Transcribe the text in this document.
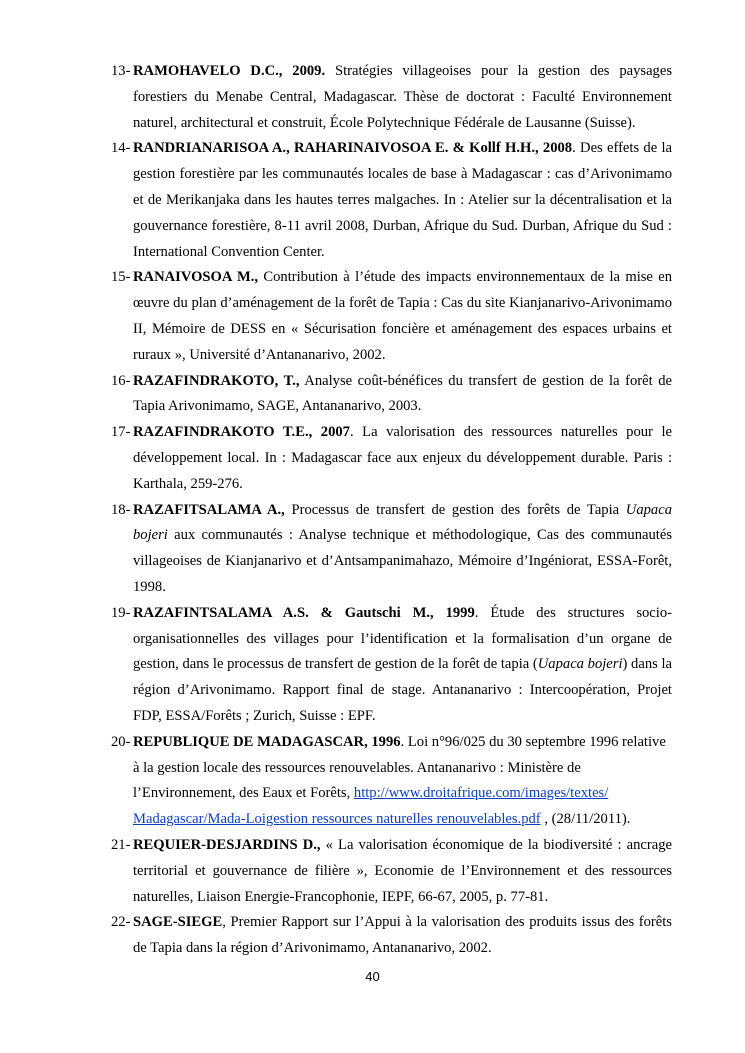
13- RAMOHAVELO D.C., 2009. Stratégies villageoises pour la gestion des paysages forestiers du Menabe Central, Madagascar. Thèse de doctorat : Faculté Environnement naturel, architectural et construit, École Polytechnique Fédérale de Lausanne (Suisse).
14- RANDRIANARISOA A., RAHARINAIVOSOA E. & Kollf H.H., 2008. Des effets de la gestion forestière par les communautés locales de base à Madagascar : cas d’Arivonimamo et de Merikanjaka dans les hautes terres malgaches. In : Atelier sur la décentralisation et la gouvernance forestière, 8-11 avril 2008, Durban, Afrique du Sud. Durban, Afrique du Sud : International Convention Center.
15- RANAIVOSOA M., Contribution à l’étude des impacts environnementaux de la mise en œuvre du plan d’aménagement de la forêt de Tapia : Cas du site Kianjanarivo-Arivonimamo II, Mémoire de DESS en « Sécurisation foncière et aménagement des espaces urbains et ruraux », Université d’Antananarivo, 2002.
16- RAZAFINDRAKOTO, T., Analyse coût-bénéfices du transfert de gestion de la forêt de Tapia Arivonimamo, SAGE, Antananarivo, 2003.
17- RAZAFINDRAKOTO T.E., 2007. La valorisation des ressources naturelles pour le développement local. In : Madagascar face aux enjeux du développement durable. Paris : Karthala, 259-276.
18- RAZAFITSALAMA A., Processus de transfert de gestion des forêts de Tapia Uapaca bojeri aux communautés : Analyse technique et méthodologique, Cas des communautés villageoises de Kianjanarivo et d’Antsampanimahazo, Mémoire d’Ingéniorat, ESSA-Forêt, 1998.
19- RAZAFINTSALAMA A.S. & Gautschi M., 1999. Étude des structures socio-organisationnelles des villages pour l’identification et la formalisation d’un organe de gestion, dans le processus de transfert de gestion de la forêt de tapia (Uapaca bojeri) dans la région d’Arivonimamo. Rapport final de stage. Antananarivo : Intercoopération, Projet FDP, ESSA/Forêts ; Zurich, Suisse : EPF.
20- REPUBLIQUE DE MADAGASCAR, 1996. Loi n°96/025 du 30 septembre 1996 relative à la gestion locale des ressources renouvelables. Antananarivo : Ministère de l’Environnement, des Eaux et Forêts, http://www.droitafrique.com/images/textes/
Madagascar/Mada-Loigestion ressources naturelles renouvelables.pdf , (28/11/2011).
21- REQUIER-DESJARDINS D., « La valorisation économique de la biodiversité : ancrage territorial et gouvernance de filière », Economie de l’Environnement et des ressources naturelles, Liaison Energie-Francophonie, IEPF, 66-67, 2005, p. 77-81.
22- SAGE-SIEGE, Premier Rapport sur l’Appui à la valorisation des produits issus des forêts de Tapia dans la région d’Arivonimamo, Antananarivo, 2002.
40
